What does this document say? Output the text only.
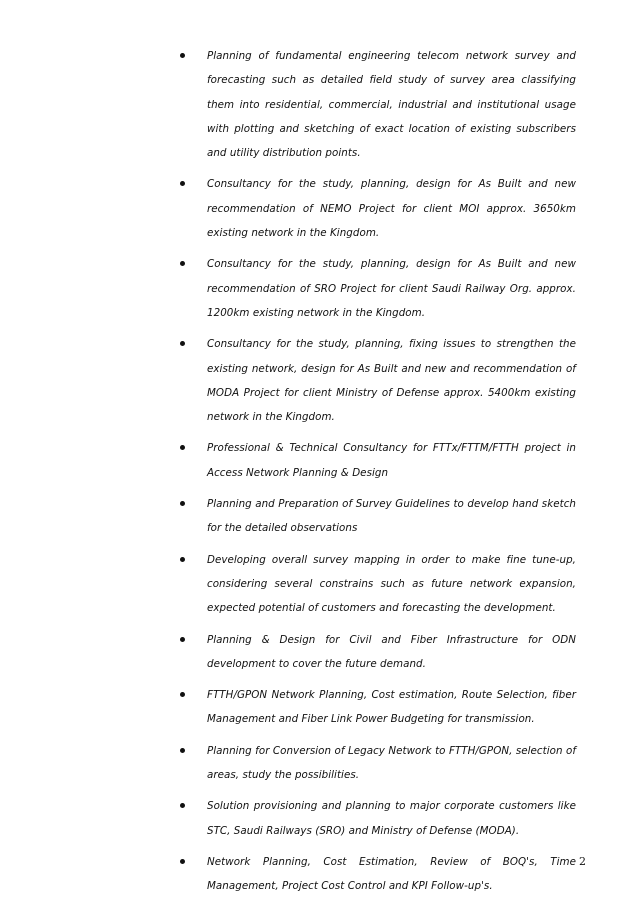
Planning of fundamental engineering telecom network survey and forecasting such as detailed field study of survey area classifying them into residential, commercial, industrial and institutional usage with plotting and sketching of exact location of existing subscribers and utility distribution points.
Consultancy for the study, planning, design for As Built and new recommendation of NEMO Project for client MOI approx. 3650km existing network in the Kingdom.
Consultancy for the study, planning, design for As Built and new recommendation of SRO Project for client Saudi Railway Org. approx. 1200km existing network in the Kingdom.
Consultancy for the study, planning, fixing issues to strengthen the existing network, design for As Built and new and recommendation of MODA Project for client Ministry of Defense approx. 5400km existing network in the Kingdom.
Professional & Technical Consultancy for FTTx/FTTM/FTTH project in Access Network Planning & Design
Planning and Preparation of Survey Guidelines to develop hand sketch for the detailed observations
Developing overall survey mapping in order to make fine tune-up, considering several constrains such as future network expansion, expected potential of customers and forecasting the development.
Planning & Design for Civil and Fiber Infrastructure for ODN development to cover the future demand.
FTTH/GPON Network Planning, Cost estimation, Route Selection, fiber Management and Fiber Link Power Budgeting for transmission.
Planning for Conversion of Legacy Network to FTTH/GPON, selection of areas, study the possibilities.
Solution provisioning and planning to major corporate customers like STC, Saudi Railways (SRO) and Ministry of Defense (MODA).
Network Planning, Cost Estimation, Review of BOQ's, Time Management, Project Cost Control and KPI Follow-up's.
2
